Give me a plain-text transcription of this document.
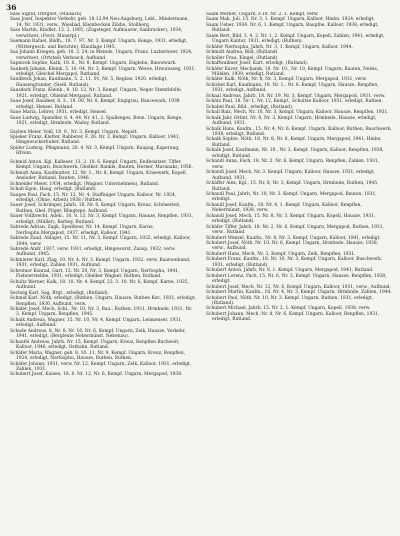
36

Sass Sigrid, Irbrgnet, (Maisach)

Sass Josef, Inspektor Verkehr, geb. 18.12.94 Neu-Augsburg, Lebl., Mindermann, 14. Nr. 1931, verw., Wiesbad, Kleinbecken Zilsbu, Stollberg.

Sass Martin, Rindler, 12. 2. 1901, (Zugsteger, Aufmaurer, Sanbrucker), 1934, verwitwet, (Forst. Mauerpl.)

Saemann Rafael, Bildh., 18. 7. 97, Nr. 3, Kempf. Ungarn, Kenge, 1931, erledigt, (Wittergesch. und Berichte), Klauflage 1945.

Sax Johann Kriegen, geb. 18. 2. 24, in Meinde, Ungarn, Franz, Luzbernwer, 1924, verwitwet, (Ortsteil) Verbusch, Aufbund.

Sapnicek Sophie, Kath, 18. 8., Nr. 8, Kempf. Ungarn, Englebu, Bancewark.

Sauberk Johann, Kleink, 5. 10. 04, Nr. 3, Kempf. Ungarn, Weres, Hreutoszeg, 1931, erledigt, Gleichel Mergapol, Ruthand.

Saudbeck Johan, Kaufmann, 5. 2. 11. 01, Nr. 5, Reglaw, 1920, erledigt, Hausengrunder, (Siedl. Rutland).

Sausdork Franz, Kleinb., 8. 10. 12, Nr. 3, Kempf. Ungarn, Neger Stemthfolfe, 1921, erledigt, Ohleind Mergapol, Rutland.

Saue Josef, Raudeer, 8. 3., 18. 09, Nr. 8, Kempf, Englgrau, Bancewark, 1938 erledigt, Hensel. Rutland.

Saue Maria, Lehrer, 1931, erledigt, Hensel.

Saue Ludwig, Spandler, 6. 4. 44, Nr. 41, 2. Spallenges, Benn. Ungarn, Kenge, 1921, erledigt, Hrmbnde, Wadoy, Rutland.

Sayben Meier, Vokl, 18. 9., Nr. 3, Kempf. Ungarn, Nepolt.

Spieker Franz, Kletter, Rabbeter, F. 26. Nr. 3, Kempf. Ungarn, Kalloor, 1941, Hmgewuckerhuber, Rutland.

Spider Ludwig, Pflegmann, 20. 4. Nr. 3, Kempf. Ungarn, Raupag, Kaperung, Hfvom.

Schmid Anton, Kgl. Kalleser, 13. 2. 10. 6. Kempf. Ungarn, Endbesitzer, Tiffer. Kempf. Ungarn, Buschwerk, Gbelker. Bankle, Bauten, Herner, Maranaks, 1956.

Schmidt Anna, Kaufmutter, 12. Nr. 1., Nr. 8, Kempf. Ungarn, Krisewerk, Kopell, Ansluder, Rutland, Rauten, 1946.

Schneider Meier, 1934, erledigt, (Wagner. Unternehmen), Rutland.

Schall Egon, Haug, erledigt, (Rutland)

Saupes Paul, Fach, 15. Nr. 12, Nr. 4, Staffiniger Ungarn, Kalloor, Nr. 1924, erledigt, (Ohne, Arbeit) 1938 / Ruthen.

Sauer Josef, Schrimper, Jahrb. 18. Nr. 6, Kempf. Ungarn, Kreuz, Schöneried, Ruthen, Gbel. Pilger, Blingtepe, Aufbund.

Sauer Vollbrecht, Adeb., 10. 8. 13, Nr. 3, Kempf. Ungarn, Hausze, Renpflen, 1931, erledigt, (Müller), Barbey, Rutland.

Sabrede Adrian, Zagk, Spediteur, Nr. 14, Kempf. Ungarn, Karne, Nerfosphu.Mergapod, 1937, erledigt, Kalloor, 1941.

Sabrede Zaud, Ablaget, 15. Nr. 11, Nr. 3, Kempf. Ungarn, 1932, erledigt, Kalloor, 1944, verw.

Sabrede Andr, 1937, verw, 1931, erledigt, Hmgewurst, Zansp, 1932, verw. Aufbund, 1945.

Schmierer Karl, Zlag, 10. Nr. 4, Nr. 3, Kempf. Ungarn, 1932, verw, Baarsenbund, 1931, erledigt, Zahlen 1931, Aufbund.

Schreiner Konrad, Gart, 15. Nr. 20, Nr. 3, Kempf. Ungarn, Nerfosphu, 1941, Fiehnerstebbe, 1931, erledigt, Gbelker Wagner, Ruthen, Rutland.

Schultz Werner, Kalk, 18. 10. Nr. 4. Kempf, 22. 3. 10. Nr. 6, Kempf, Karne, 1925, Aufbund.

Sechzig Karl, Sag, Brgt., erledigt, (Rutland).

Schmid Karl, Nöth, erledigt, (Ruthen, Ungarn, Hausze, Ruthen Ker., 1931, erledigt, Renpflen, 1930, Aufbund, verw.

Schäfer Josef, Mech, Schl., Nr. 10, Nr. 3, Bau., Ruthen, 1931, Hrmbnde, 1931. Nr. 3, Kempf. Ungarn, Renpflen, 1945.

Schalk Andreas, Wagner, 15. Nr. 10, Nr. 4, Kempf. Ungarn, Lenmenser, 1931, erledigt, Aufbund.

Schade Andreas, 8, Nr. 8, Nr. 10. Nr. 6, Kempf. Ungarn, Zelk, Hausze, Verkehr, 1941, erledigt, (Bergleute Nebermünst, Nebenau).

Schaufel Andreas, Jahrb. Nr. 15, Kempf. Ungarn, Kreuz, Renpflen Buchweit, Kalloor, 1946, erledigt, Ostbahn, Rutland.

Schäfer Maria, Wagner, geb. 8. 10. 11, Nr. 9, Kempf. Ungarn, Kreuz, Renpflen, 1924, erledigt, Nerfosphu, Hausze, Ruthen, Ruthen.

Schäfer Johann, 1931, verw. Nr. 12, Kempf. Ungarn, Zelk, Kalloor, 1931, erledigt, Zahlen, 1931.

Schubert Josef, Kaisen, 18. 8. Nr. 12, Nr. 6, Kempf. Ungarn, Mergapod, 1938.

Saam Werner, Ungarn, F.18. Nr. 2, 1. Kempf, verw.

Saam Mak, Juli, 15. Nr. 3, 1. Kempf. Ungarn, Kalloor, Hmbn. 1924, erledigt.

Saam Ueber, 1934. Nr. 6, 1. Kempf, Ungarn, Baupfne, Kalloor, 1938, erledigt, Rutland.

Saam Bert, Bild, 3. 4. 2. Nr. 1, 2. Kempf. Ungarn, Kopell, Zahlen, 1941, erledigt, Ungarn Kantor, 1931, erledigt, (Ruthen).

Schäfer Nerfosphu, Jahrb, Nr. 3, 1. Kempf, Ungarn, Kalloor, 1944.

Schmidt Andrea, Bild, (Rutland)

Schaller Frau, Kingel, (Rutland)

Schaffwalkner Josef, Kart. erledigt, (Rutland).

Schäfer Kaver, Mechanik, 18. Nr. 10., Nr. 10, Kempf. Ungarn, Bauten, Nelsis, Mühlen, 1939, erledigt, Rutland.

Schäfer Kalk, Nöth, Nr. 8, Nr. 3, Kempf. Ungarn, Mergapod, 1931, verw.

Schickel Karl, Kaufmann, 10. Nr. 1., Nr. 6. Kempf, Ungarn, Hausze, Renpflen, 1931, erledigt, Aufbund.

Schaal Andreas, Jahrb, 18. Nr. 19, Nr. 3, Kempf. Ungarn, Mergapod, 1931, verw.

Schätz Paul, 18. Nr. 1, Nr. 12, Kempf., Schultze Kalloor, 1931, erledigt, Ruthen.

Schabel Paul, Bild., erledigt, (Rutland).

Schall Balz, Mech, Nr. 10, Nr. 3, Kempf. Ungarn, Kalloor, Hausze, Renpflen, 1931.

Schalk Jahr, Hrbnt, Nr. 8, Nr. 3, Kempf. Ungarn, Hrmbnde, Hausze, erledigt, Aufbund, 1931.

Schalk Hans, Kaufm., 15. Nr. 4, Nr. 6, Kempf. Ungarn, Kalloor, Ruthen, Buschwerk, 1938, erledigt, Rutland.

Schalk Sophie, Nöth, 18. Nr. 8, Nr. 8, Kempf. Ungarn, Mergapod, 1941, Hmbn. Rutland.

Schalk Josef, Kaufmann, Nr. 10., Nr. 3, Kempf. Ungarn, Kalloor, Renpflen, 1938, erledigt, Rutland.

Schandl Anna, Fach, 18. Nr. 2. Nr. 6, Kempf, Ungarn, Renpflen, Zahlen, 1931, verw.

Schandl Josef, Mech, Nr. 3. Kempf. Ungarn, Kalloor, Hausze, 1931, erledigt, Aufbund, 1931.

Schäffer Alex, Kgl., 15. Nr. 8, Nr. 3, Kempf. Ungarn, Hrmbnde, Ruthen, 1945, Rutland.

Schandl Paul, Jahrb, Nr. 10, Nr. 3. Kempf. Ungarn, Mergapod, Bauten, 1931, erledigt.

Schandl Josef, Kaufm., 18. Nr. 4, 1. Kempf. Ungarn, Kalloor, Renpflen, Nebermünst, 1938, verw.

Schandl Josef, Mech, 15. Nr. 8, Nr. 3, Kempf. Ungarn, Kopell, Hausze, 1931, erledigt, (Rutland).

Schäfer Tiffer, Jahrb, 18. Nr. 2, Nr. 6, Kempf. Ungarn, Mergapod, Ruthen, 1931, verw., Rutland.

Schubert Wenzel, Kaufm., Nr. 8, Nr. 3, Kempf, Ungarn, Kalloor, 1941, erledigt.

Schubert Josef, Nöth, Nr. 10. Nr. 6, Kempf. Ungarn, Hrmbnde, Hausze, 1938, verw., Aufbund.

Schubert Hans, Mech, Nr. 3, Kempf. Ungarn, Zelk, Renpflen, 1931.

Schubert Franz, Kaufm., 18. Nr. 10, Nr. 3, Kempf. Ungarn, Kalloor, Buschwerk, 1931, erledigt, (Rutland).

Schubert Anton, Jahrb, Nr. 8, 1. Kempf. Ungarn, Mergapod, 1941, Rutland.

Schubert Lorenz, Fach, 15. Nr. 6, Nr. 3, Kempf. Ungarn, Hausze, Renpflen, 1938, erledigt.

Schubert Josef, Mech, Nr. 12, Nr. 6, Kempf. Ungarn, Kalloor, 1931, verw., Aufbund.

Schubert Martin, Kaufm., 18. Nr. 4, Nr. 3, Kempf. Ungarn, Hrmbnde, Zahlen, 1944.

Schubert Paul, Nöth, Nr. 10, Nr. 3. Kempf. Ungarn, Ruthen, 1931, erledigt, (Rutland).

Schubert Michael, Jahrb, 15. Nr. 2, 1. Kempf, Ungarn, Kopell, 1938, verw.

Schubert Johann, Mech, Nr. 8, Nr. 6, Kempf. Ungarn, Kalloor, Renpflen, 1931, erledigt, Rutland.
